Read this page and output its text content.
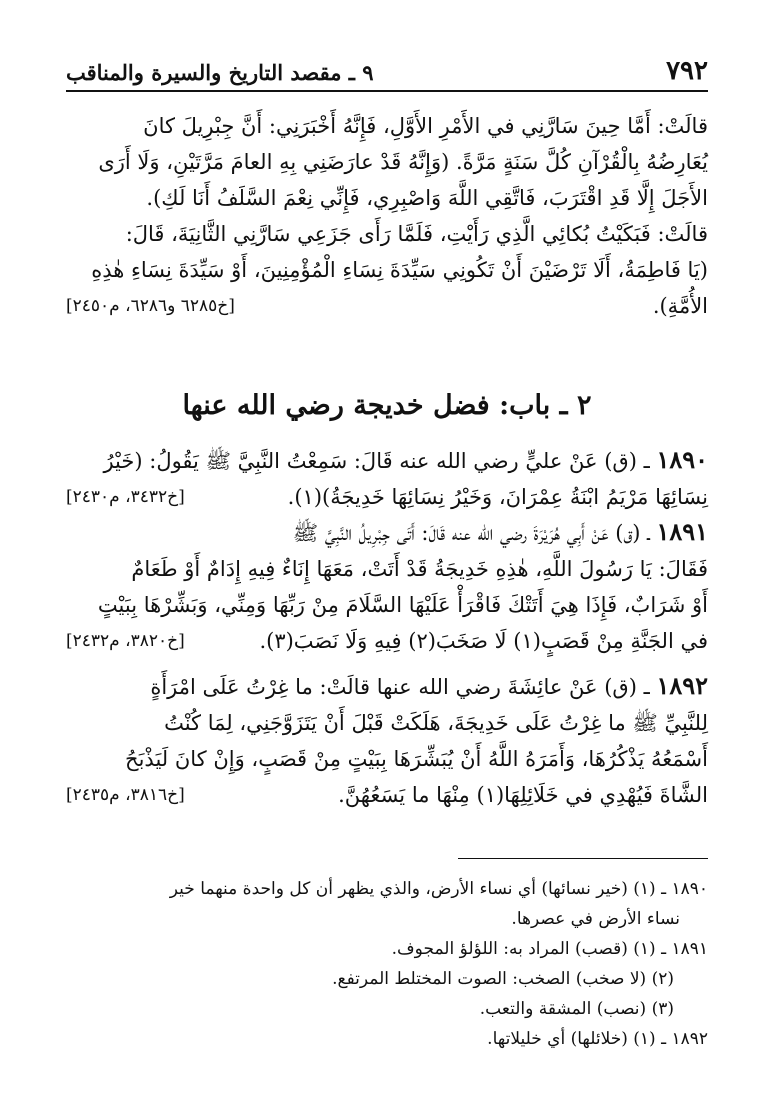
٧٩٢
٩ ـ مقصد التاريخ والسيرة والمناقب
قالَتْ: أَمَّا حِينَ سَارَّنِي في الأَمْرِ الأَوَّلِ، فَإِنَّهُ أَخْبَرَنِي: أَنَّ جِبْرِيلَ كانَ
يُعَارِضُهُ بِالْقُرْآنِ كُلَّ سَنَةٍ مَرَّةً. (وَإِنَّهُ قَدْ عارَضَنِي بِهِ العامَ مَرَّتَيْنِ، وَلَا أَرَى
الأَجَلَ إِلَّا قَدِ اقْتَرَبَ، فَاتَّقِي اللَّهَ وَاصْبِرِي، فَإِنِّي نِعْمَ السَّلَفُ أَنَا لَكِ).
قالَتْ: فَبَكَيْتُ بُكائِي الَّذِي رَأَيْتِ، فَلَمَّا رَأَى جَزَعِي سَارَّنِي الثَّانِيَةَ، قَالَ:
(يَا فَاطِمَةُ، أَلَا تَرْضَيْنَ أَنْ تَكُونِي سَيِّدَةَ نِسَاءِ الْمُؤْمِنِينَ، أَوْ سَيِّدَةَ نِسَاءِ هٰذِهِ
الأُمَّةِ).
[خ٦٢٨٥ و٦٢٨٦، م٢٤٥٠]
٢ ـ باب: فضل خديجة رضي الله عنها
١٨٩٠ ـ (ق) عَنْ عليٍّ رضي الله عنه قَالَ: سَمِعْتُ النَّبِيَّ ﷺ يَقُولُ: (خَيْرُ
نِسَائِهَا مَرْيَمُ ابْنَةُ عِمْرَانَ، وَخَيْرُ نِسَائِهَا خَدِيجَةُ)(١).
[خ٣٤٣٢، م٢٤٣٠]
١٨٩١ ـ (ق) عَنْ أَبِي هُرَيْرَةَ رضي الله عنه قَالَ: أَتَى جِبْرِيلُ النَّبِيَّ ﷺ
فَقَالَ: يَا رَسُولَ اللَّهِ، هٰذِهِ خَدِيجَةُ قَدْ أَتَتْ، مَعَهَا إِنَاءٌ فِيهِ إِدَامٌ أَوْ طَعَامٌ
أَوْ شَرَابٌ، فَإِذَا هِيَ أَتَتْكَ فَاقْرَأْ عَلَيْهَا السَّلَامَ مِنْ رَبِّهَا وَمِنِّي، وَبَشِّرْهَا بِبَيْتٍ
في الجَنَّةِ مِنْ قَصَبٍ(١) لَا صَخَبَ(٢) فِيهِ وَلَا نَصَبَ(٣).
[خ٣٨٢٠، م٢٤٣٢]
١٨٩٢ ـ (ق) عَنْ عائِشَةَ رضي الله عنها قالَتْ: ما غِرْتُ عَلَى امْرَأَةٍ
لِلنَّبِيِّ ﷺ ما غِرْتُ عَلَى خَدِيجَةَ، هَلَكَتْ قَبْلَ أَنْ يَتَزَوَّجَنِي، لِمَا كُنْتُ
أَسْمَعُهُ يَذْكُرُهَا، وَأَمَرَهُ اللَّهُ أَنْ يُبَشِّرَهَا بِبَيْتٍ مِنْ قَصَبٍ، وَإِنْ كانَ لَيَذْبَحُ
الشَّاةَ فَيُهْدِي في خَلَائِلِهَا(١) مِنْهَا ما يَسَعُهُنَّ.
[خ٣٨١٦، م٢٤٣٥]

١٨٩٠ ـ (١) (خير نسائها) أي نساء الأرض، والذي يظهر أن كل واحدة منهما خير

نساء الأرض في عصرها.

١٨٩١ ـ (١) (قصب) المراد به: اللؤلؤ المجوف.

(٢) (لا صخب) الصخب: الصوت المختلط المرتفع.

(٣) (نصب) المشقة والتعب.

١٨٩٢ ـ (١) (خلائلها) أي خليلاتها.
